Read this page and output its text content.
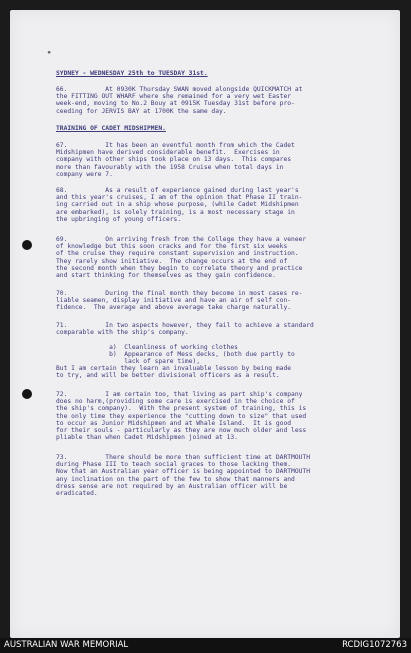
⋆
SYDNEY - WEDNESDAY 25th to TUESDAY 31st.
66.          At 0930K Thursday SWAN moved alongside QUICKMATCH at
the FITTING OUT WHARF where she remained for a very wet Easter
week-end, moving to No.2 Bouy at 0915K Tuesday 31st before pro-
ceeding for JERVIS BAY at 1700K the same day.
TRAINING OF CADET MIDSHIPMEN.
67.          It has been an eventful month from which the Cadet
Midshipmen have derived considerable benefit.  Exercises in
company with other ships took place on 13 days.  This compares
more than favourably with the 1958 Cruise when total days in
company were 7.
68.          As a result of experience gained during last year's
and this year's cruises, I am of the opinion that Phase II train-
ing carried out in a ship whose purpose, (while Cadet Midshipmen
are embarked), is solely training, is a most necessary stage in
the upbringing of young officers.
69.          On arriving fresh from the College they have a veneer
of knowledge but this soon cracks and for the first six weeks
of the cruise they require constant supervision and instruction.
They rarely show initiative.  The change occurs at the end of
the second month when they begin to correlate theory and practice
and start thinking for themselves as they gain confidence.
70.          During the final month they become in most cases re-
liable seamen, display initiative and have an air of self con-
fidence.  The average and above average take charge naturally.
71.          In two aspects however, they fail to achieve a standard
comparable with the ship's company.

a)  Cleanliness of working clothes
b)  Appearance of Mess decks, (both due partly to
lack of spare time),
But I am certain they learn an invaluable lesson by being made
to try, and will be better divisional officers as a result.
72.          I am certain too, that living as part ship's company
does no harm,(providing some care is exercised in the choice of
the ship's company).  With the present system of training, this is
the only time they experience the "cutting down to size" that used
to occur as Junior Midshipmen and at Whale Island.  It is good
for their souls - particularly as they are now much older and less
pliable than when Cadet Midshipmen joined at 13.
73.          There should be more than sufficient time at DARTMOUTH
during Phase III to teach social graces to those lacking them.
Now that an Australian year officer is being appointed to DARTMOUTH
any inclination on the part of the few to show that manners and
dress sense are not required by an Australian officer will be
eradicated.
AUSTRALIAN WAR MEMORIAL	RCDIG1072763
